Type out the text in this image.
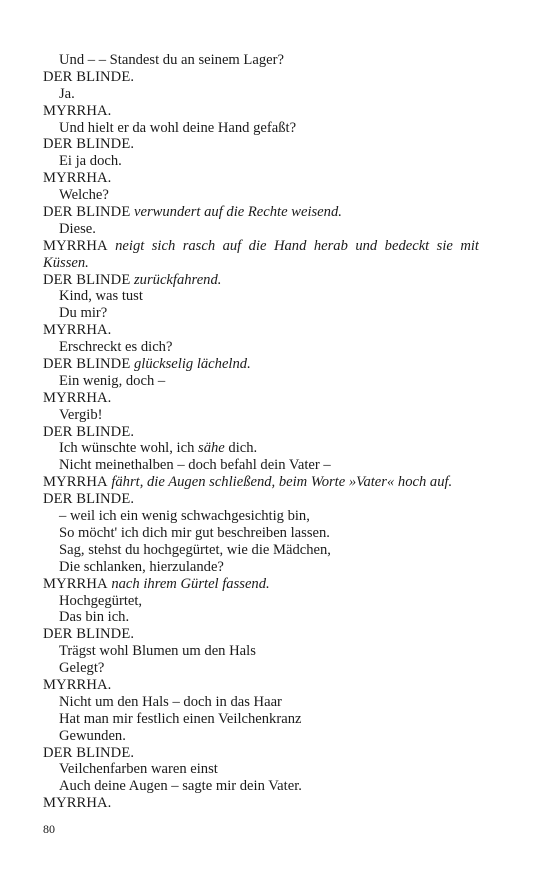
Und – – Standest du an seinem Lager?
DER BLINDE.
Ja.
MYRRHA.
Und hielt er da wohl deine Hand gefaßt?
DER BLINDE.
Ei ja doch.
MYRRHA.
Welche?
DER BLINDE verwundert auf die Rechte weisend.
Diese.
MYRRHA neigt sich rasch auf die Hand herab und bedeckt sie mit
Küssen.
DER BLINDE zurückfahrend.
Kind, was tust
Du mir?
MYRRHA.
Erschreckt es dich?
DER BLINDE glückselig lächelnd.
Ein wenig, doch –
MYRRHA.
Vergib!
DER BLINDE.
Ich wünschte wohl, ich sähe dich.
Nicht meinethalben – doch befahl dein Vater –
MYRRHA fährt, die Augen schließend, beim Worte »Vater« hoch auf.
DER BLINDE.
– weil ich ein wenig schwachgesichtig bin,
So möcht' ich dich mir gut beschreiben lassen.
Sag, stehst du hochgegürtet, wie die Mädchen,
Die schlanken, hierzulande?
MYRRHA nach ihrem Gürtel fassend.
Hochgegürtet,
Das bin ich.
DER BLINDE.
Trägst wohl Blumen um den Hals
Gelegt?
MYRRHA.
Nicht um den Hals – doch in das Haar
Hat man mir festlich einen Veilchenkranz
Gewunden.
DER BLINDE.
Veilchenfarben waren einst
Auch deine Augen – sagte mir dein Vater.
MYRRHA.
80
